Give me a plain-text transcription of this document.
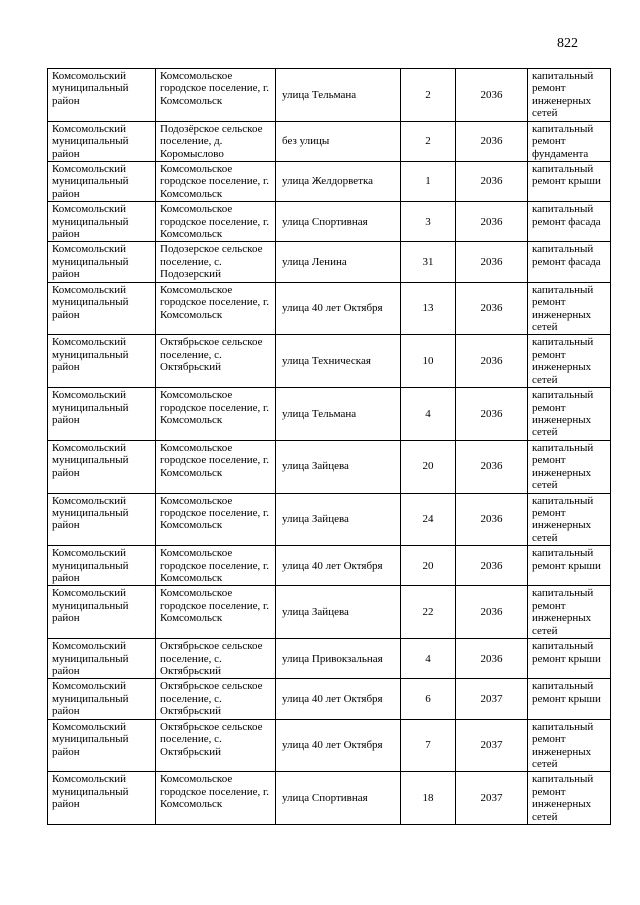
822
Комсомольский муниципальный район	Комсомольское городское поселение, г. Комсомольск	улица Тельмана	2	2036	капитальный ремонт инженерных сетей
Комсомольский муниципальный район	Подозёрское сельское поселение, д. Коромыслово	без улицы	2	2036	капитальный ремонт фундамента
Комсомольский муниципальный район	Комсомольское городское поселение, г. Комсомольск	улица Желдорветка	1	2036	капитальный ремонт крыши
Комсомольский муниципальный район	Комсомольское городское поселение, г. Комсомольск	улица Спортивная	3	2036	капитальный ремонт фасада
Комсомольский муниципальный район	Подозерское сельское поселение, с. Подозерский	улица Ленина	31	2036	капитальный ремонт фасада
Комсомольский муниципальный район	Комсомольское городское поселение, г. Комсомольск	улица 40 лет Октября	13	2036	капитальный ремонт инженерных сетей
Комсомольский муниципальный район	Октябрьское сельское поселение, с. Октябрьский	улица Техническая	10	2036	капитальный ремонт инженерных сетей
Комсомольский муниципальный район	Комсомольское городское поселение, г. Комсомольск	улица Тельмана	4	2036	капитальный ремонт инженерных сетей
Комсомольский муниципальный район	Комсомольское городское поселение, г. Комсомольск	улица Зайцева	20	2036	капитальный ремонт инженерных сетей
Комсомольский муниципальный район	Комсомольское городское поселение, г. Комсомольск	улица Зайцева	24	2036	капитальный ремонт инженерных сетей
Комсомольский муниципальный район	Комсомольское городское поселение, г. Комсомольск	улица 40 лет Октября	20	2036	капитальный ремонт крыши
Комсомольский муниципальный район	Комсомольское городское поселение, г. Комсомольск	улица Зайцева	22	2036	капитальный ремонт инженерных сетей
Комсомольский муниципальный район	Октябрьское сельское поселение, с. Октябрьский	улица Привокзальная	4	2036	капитальный ремонт крыши
Комсомольский муниципальный район	Октябрьское сельское поселение, с. Октябрьский	улица 40 лет Октября	6	2037	капитальный ремонт крыши
Комсомольский муниципальный район	Октябрьское сельское поселение, с. Октябрьский	улица 40 лет Октября	7	2037	капитальный ремонт инженерных сетей
Комсомольский муниципальный район	Комсомольское городское поселение, г. Комсомольск	улица Спортивная	18	2037	капитальный ремонт инженерных сетей
